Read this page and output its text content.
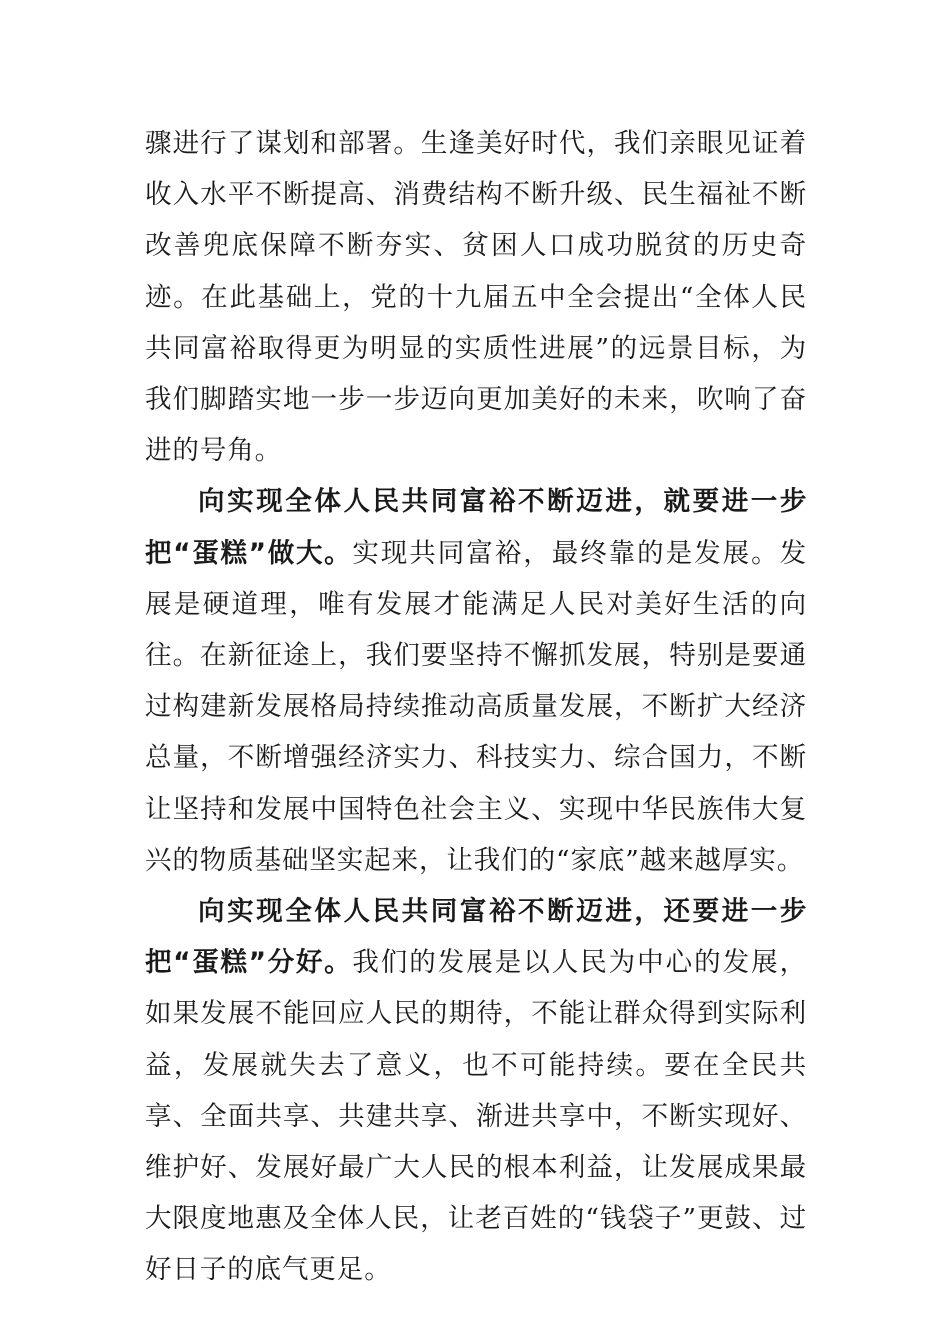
骤进行了谋划和部署。生逢美好时代，我们亲眼见证着收入水平不断提高、消费结构不断升级、民生福祉不断改善兜底保障不断夯实、贫困人口成功脱贫的历史奇迹。在此基础上，党的十九届五中全会提出“全体人民共同富裕取得更为明显的实质性进展”的远景目标，为我们脚踏实地一步一步迈向更加美好的未来，吹响了奋进的号角。

向实现全体人民共同富裕不断迈进，就要进一步把“蛋糕”做大。实现共同富裕，最终靠的是发展。发展是硬道理，唯有发展才能满足人民对美好生活的向往。在新征途上，我们要坚持不懈抓发展，特别是要通过构建新发展格局持续推动高质量发展，不断扩大经济总量，不断增强经济实力、科技实力、综合国力，不断让坚持和发展中国特色社会主义、实现中华民族伟大复兴的物质基础坚实起来，让我们的“家底”越来越厚实。

向实现全体人民共同富裕不断迈进，还要进一步把“蛋糕”分好。我们的发展是以人民为中心的发展，如果发展不能回应人民的期待，不能让群众得到实际利益，发展就失去了意义，也不可能持续。要在全民共享、全面共享、共建共享、渐进共享中，不断实现好、维护好、发展好最广大人民的根本利益，让发展成果最大限度地惠及全体人民，让老百姓的“钱袋子”更鼓、过好日子的底气更足。
